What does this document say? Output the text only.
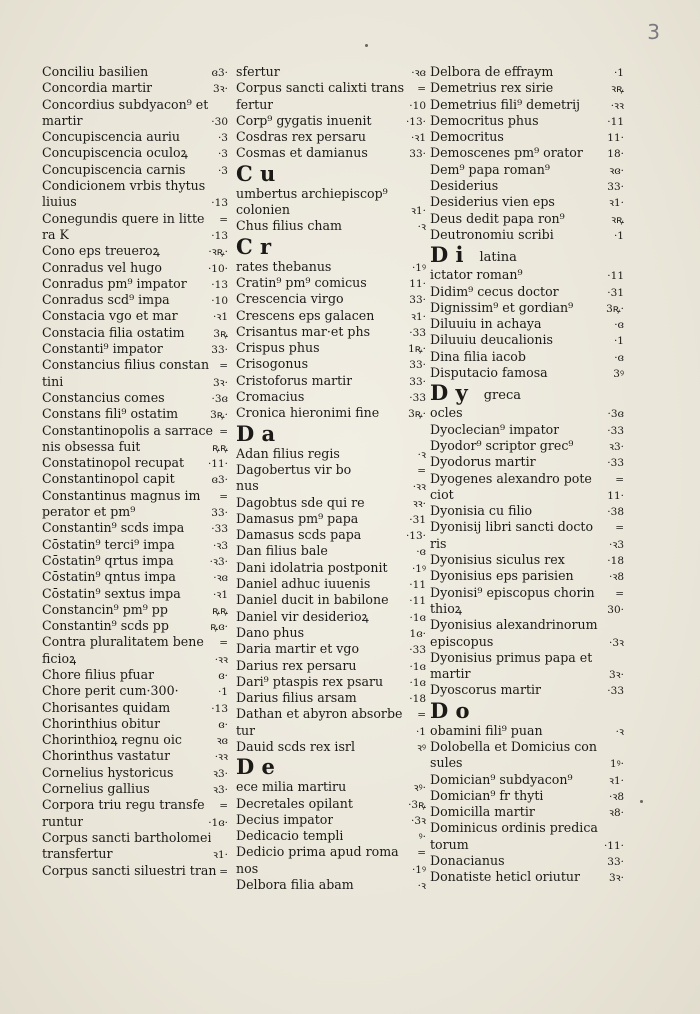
3
Conciliu basilien	ɞ3·
Concordia martir	3ꝛ·
Concordius subdyacon⁹ et
martir	·30
Concupiscencia auriu	·3
Concupiscencia oculoꝝ	·3
Concupiscencia carnis	·3
Condicionem vrbis thytus
liuius	·13
Conegundis quere in litte =
ra K	·13
Cono eps treueroꝝ	·ꝛꝶ·
Conradus vel hugo	·10·
Conradus pm⁹ impator ·13
Conradus scd⁹ impa	·10
Constacia vgo et mar	·ꝛ1
Constacia filia ostatim	3ꝶ
Constanti⁹ impator	33·
Constancius filius constan =
tini	3ꝛ·
Constancius comes	·3ɞ
Constans fili⁹ ostatim	3ꝶ·
Constantinopolis a sarrace =
nis obsessa fuit	ꝶꝶ
Constatinopol recupat ·11·
Constantinopol capit	ɞ3·
Constantinus magnus im =
perator et pm⁹	33·
Constantin⁹ scds impa	·33
Cōstatin⁹ terci⁹ impa	·ꝛ3
Cōstatin⁹ qrtus impa	·ꝛ3·
Cōstatin⁹ qntus impa	·ꝛɞ
Cōstatin⁹ sextus impa	·ꝛ1
Constancin⁹ pm⁹ pp	ꝶꝶ
Constantin⁹ scds pp	ꝶɞ·
Contra pluralitatem bene =
ficioꝝ	·ꝛꝛ
Chore filius pfuar	ɞ·
Chore perit cum·300·	·1
Chorisantes quidam	·13
Chorinthius obitur	ɞ·
Chorinthioꝝ regnu oic	ꝛɞ
Chorinthus vastatur	·ꝛꝛ
Cornelius hystoricus	ꝛ3·
Cornelius gallius	ꝛ3·
Corpora triu regu transfe =
runtur	·1ɞ·
Corpus sancti bartholomei
transfertur	ꝛ1·
Corpus sancti siluestri tran =
sfertur	·ꝛɞ
Corpus sancti calixti trans =
fertur	·10
Corp⁹ gygatis inuenit	·13·
Cosdras rex persaru	·ꝛ1
Cosmas et damianus	33·
C u
umbertus archiepiscop⁹
colonien	ꝛ1·
Chus filius cham	·ꝛ
C r
rates thebanus	·1ꝰ
Cratin⁹ pm⁹ comicus	11·
Crescencia virgo	33·
Crescens eps galacen	ꝛ1·
Crisantus mar·et phs	·33
Crispus phus	1ꝶ·
Crisogonus	33·
Cristoforus martir	33·
Cromacius	·33
Cronica hieronimi fine	3ꝶ·
D a
Adan filius regis	·ꝛ
Dagobertus vir bo	=
nus	·ꝛꝛ
Dagobtus sde qui re	ꝛꝛ·
Damasus pm⁹ papa	·31
Damasus scds papa	·13·
Dan filius bale	·ɞ
Dani idolatria postponit ·1ꝰ
Daniel adhuc iuuenis	·11
Daniel ducit in babilone ·11
Daniel vir desiderioꝝ	·1ɞ
Dano phus	1ɞ·
Daria martir et vgo	·33
Darius rex persaru	·1ɞ
Dari⁹ ptaspis rex psaru	·1ɞ
Darius filius arsam	·18
Dathan et abyron absorbe =
tur	·1
Dauid scds rex isrl	ꝛꝰ
D e
ece milia martiru	ꝛꝰ·
Decretales opilant	·3ꝶ
Decius impator	·3ꝛ
Dedicacio templi	ꝰ·
Dedicio prima apud roma =
nos	·1ꝰ
Delbora filia abam	·ꝛ
Delbora de effraym	·1
Demetrius rex sirie	ꝛꝶ
Demetrius fili⁹ demetrij	·ꝛꝛ
Democritus phus	·11
Democritus	11·
Demoscenes pm⁹ orator 18·
Dem⁹ papa roman⁹	ꝛɞ·
Desiderius	33·
Desiderius vien eps	ꝛ1·
Deus dedit papa ron⁹	ꝛꝶ
Deutronomiu scribi	·1
D i	latina
ictator roman⁹	·11
Didim⁹ cecus doctor	·31
Dignissim⁹ et gordian⁹	3ꝶ·
Diluuiu in achaya	·ɞ
Diluuiu deucalionis	·1
Dina filia iacob	·ɞ
Disputacio famosa	3ꝰ
D y	greca
ocles	·3ɞ
Dyoclecian⁹ impator	·33
Dyodor⁹ scriptor grec⁹	ꝛ3·
Dyodorus martir	·33
Dyogenes alexandro pote =
ciot	11·
Dyonisia cu filio	·38
Dyonisij libri sancti docto =
ris	·ꝛ3
Dyonisius siculus rex	·18
Dyonisius eps parisien	·ꝛ8
Dyonisi⁹ episcopus chorin =
thioꝝ	30·
Dyonisius alexandrinorum
episcopus	·3ꝛ
Dyonisius primus papa et
martir	3ꝛ·
Dyoscorus martir	·33
D o
obamini fili⁹ puan	·ꝛ
Dolobella et Domicius con
sules	1ꝰ·
Domician⁹ subdyacon⁹	ꝛ1·
Domician⁹ fr thyti	·ꝛ8
Domicilla martir	ꝛ8·
Dominicus ordinis predica
torum	·11·
Donacianus	33·
Donatiste heticl oriutur	3ꝛ·
